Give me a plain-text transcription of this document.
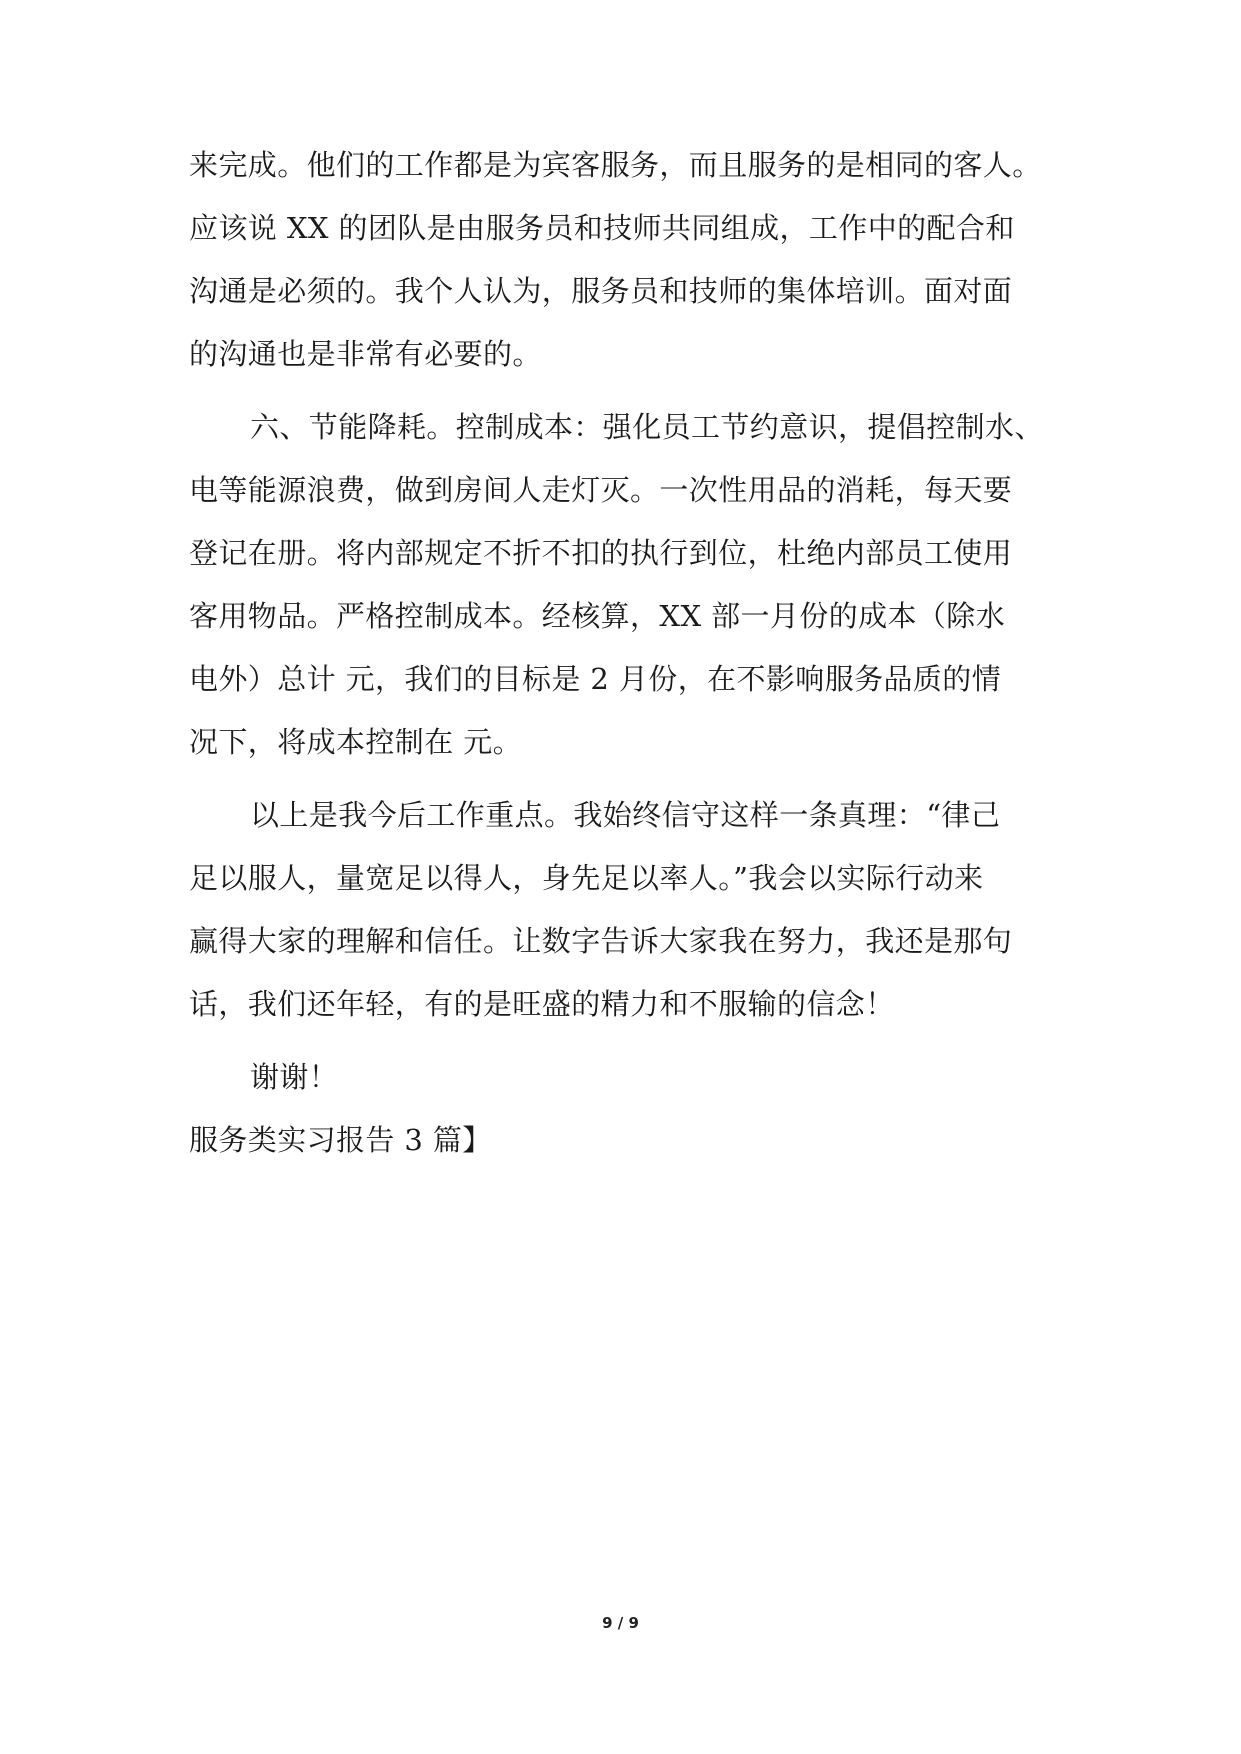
来完成。他们的工作都是为宾客服务，而且服务的是相同的客人。
应该说 XX 的团队是由服务员和技师共同组成，工作中的配合和
沟通是必须的。我个人认为，服务员和技师的集体培训。面对面
的沟通也是非常有必要的。
六、节能降耗。控制成本：强化员工节约意识，提倡控制水、
电等能源浪费，做到房间人走灯灭。一次性用品的消耗，每天要
登记在册。将内部规定不折不扣的执行到位，杜绝内部员工使用
客用物品。严格控制成本。经核算，XX 部一月份的成本（除水
电外）总计 元，我们的目标是 2 月份，在不影响服务品质的情
况下，将成本控制在 元。
以上是我今后工作重点。我始终信守这样一条真理：“律己
足以服人，量宽足以得人，身先足以率人。”我会以实际行动来
赢得大家的理解和信任。让数字告诉大家我在努力，我还是那句
话，我们还年轻，有的是旺盛的精力和不服输的信念！
谢谢！
服务类实习报告 3 篇】
9 / 9
